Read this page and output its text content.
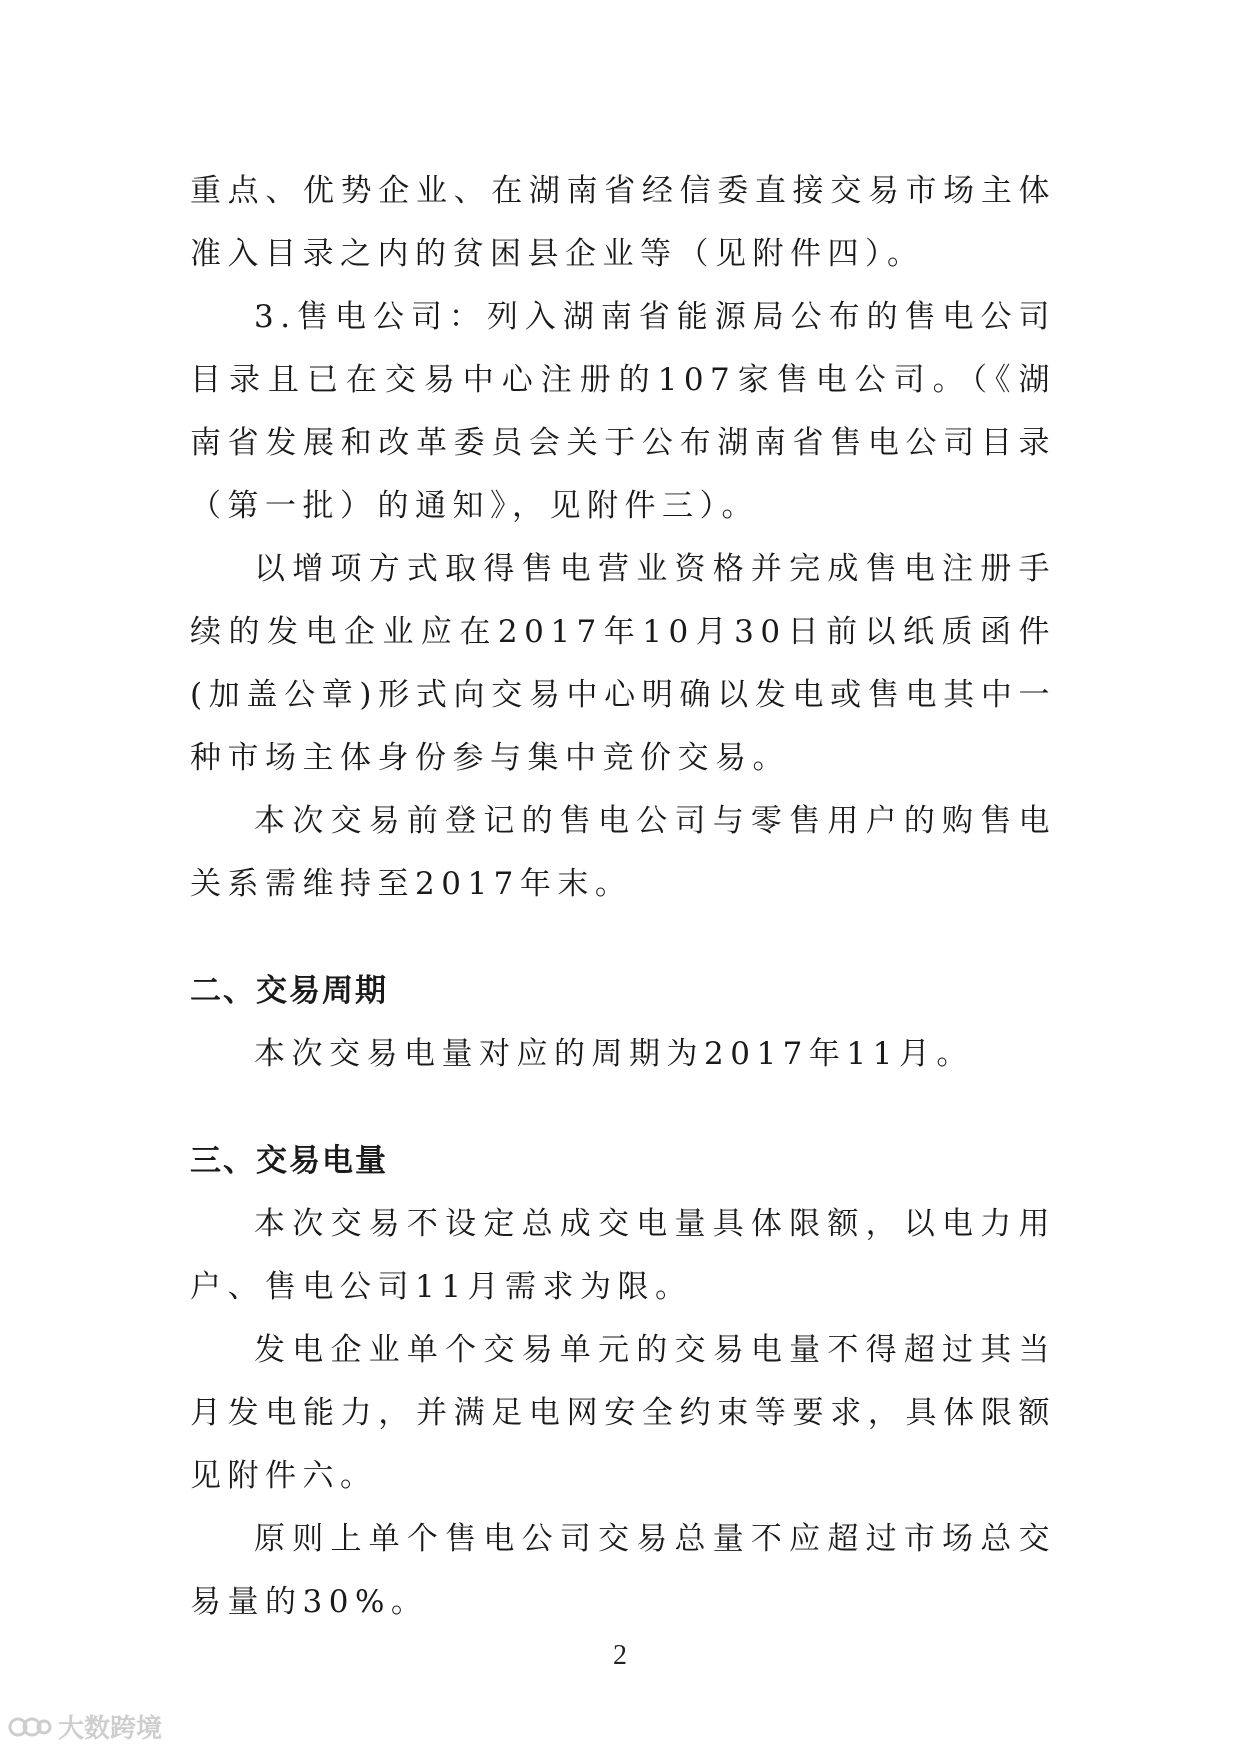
重点、优势企业、在湖南省经信委直接交易市场主体准入目录之内的贫困县企业等（见附件四）。

3.售电公司：列入湖南省能源局公布的售电公司目录且已在交易中心注册的107家售电公司。（《湖南省发展和改革委员会关于公布湖南省售电公司目录（第一批）的通知》，见附件三）。

以增项方式取得售电营业资格并完成售电注册手续的发电企业应在2017年10月30日前以纸质函件(加盖公章)形式向交易中心明确以发电或售电其中一种市场主体身份参与集中竞价交易。

本次交易前登记的售电公司与零售用户的购售电关系需维持至2017年末。

二、交易周期

本次交易电量对应的周期为2017年11月。

三、交易电量

本次交易不设定总成交电量具体限额，以电力用户、售电公司11月需求为限。

发电企业单个交易单元的交易电量不得超过其当月发电能力，并满足电网安全约束等要求，具体限额见附件六。

原则上单个售电公司交易总量不应超过市场总交易量的30%。

2
大数跨境
